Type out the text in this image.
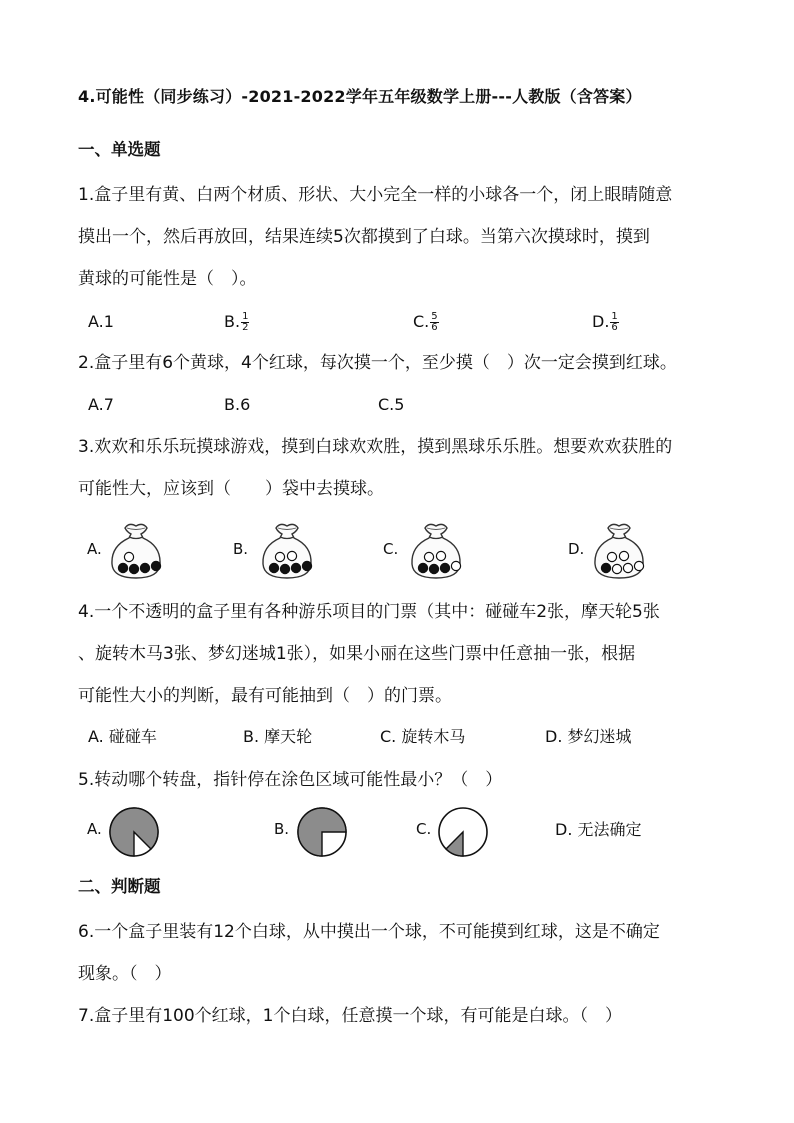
4.可能性（同步练习）-2021-2022学年五年级数学上册---人教版（含答案）
一、单选题
1.盒子里有黄、白两个材质、形状、大小完全一样的小球各一个，闭上眼睛随意
摸出一个，然后再放回，结果连续5次都摸到了白球。当第六次摸球时，摸到
黄球的可能性是（　）。
A.1	B. $\frac{1}{2}$	C. $\frac{5}{6}$	D. $\frac{1}{6}$
2.盒子里有6个黄球，4个红球，每次摸一个，至少摸（　）次一定会摸到红球。
A.7	B.6	C.5
3.欢欢和乐乐玩摸球游戏，摸到白球欢欢胜，摸到黑球乐乐胜。想要欢欢获胜的
可能性大，应该到（　　）袋中去摸球。
A.	B.	C.	D.
4.一个不透明的盒子里有各种游乐项目的门票（其中：碰碰车2张，摩天轮5张
、旋转木马3张、梦幻迷城1张），如果小丽在这些门票中任意抽一张，根据
可能性大小的判断，最有可能抽到（　）的门票。
A. 碰碰车	B. 摩天轮	C. 旋转木马	D. 梦幻迷城
5.转动哪个转盘，指针停在涂色区域可能性最小？（　）
A.	B.	C.	D. 无法确定
二、判断题
6.一个盒子里装有12个白球，从中摸出一个球，不可能摸到红球，这是不确定
现象。（　）
7.盒子里有100个红球，1个白球，任意摸一个球，有可能是白球。（　）
